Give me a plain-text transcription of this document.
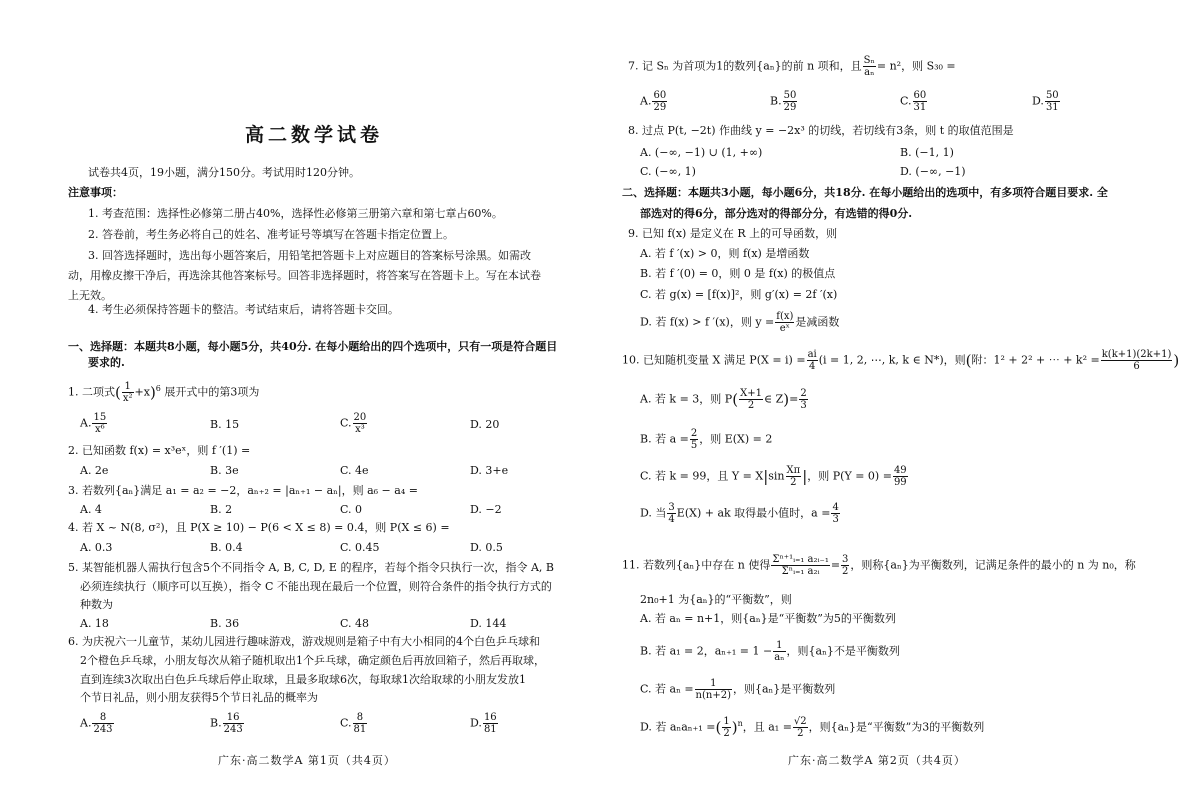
高二数学试卷
试卷共4页，19小题，满分150分。考试用时120分钟。
注意事项：
1. 考查范围：选择性必修第二册占40%，选择性必修第三册第六章和第七章占60%。
2. 答卷前，考生务必将自己的姓名、准考证号等填写在答题卡指定位置上。
3. 回答选择题时，选出每小题答案后，用铅笔把答题卡上对应题目的答案标号涂黑。如需改
动，用橡皮擦干净后，再选涂其他答案标号。回答非选择题时，将答案写在答题卡上。写在本试卷
上无效。
4. 考生必须保持答题卡的整洁。考试结束后，请将答题卡交回。
一、选择题：本题共8小题，每小题5分，共40分. 在每小题给出的四个选项中，只有一项是符合题目
要求的.
1. 二项式( $\frac{1}{\text{x²}} +x)^6$ 展开式中的第3项为
A. $\frac{15}{\text{x⁶}}$	B. 15	C. $\frac{20}{\text{x³}}$	D. 20
2. 已知函数 f(x) = x³eˣ，则 f ′(1) =
A. 2e	B. 3e	C. 4e	D. 3+e
3. 若数列{aₙ}满足 a₁ = a₂ = −2，aₙ₊₂ = |aₙ₊₁ − aₙ|，则 a₆ − a₄ =
A. 4	B. 2	C. 0	D. −2
4. 若 X ~ N(8, σ²)，且 P(X ≥ 10) − P(6 < X ≤ 8) = 0.4，则 P(X ≤ 6) =
A. 0.3	B. 0.4	C. 0.45	D. 0.5
5. 某智能机器人需执行包含5个不同指令 A, B, C, D, E 的程序，若每个指令只执行一次，指令 A, B
必须连续执行（顺序可以互换），指令 C 不能出现在最后一个位置，则符合条件的指令执行方式的
种数为
A. 18	B. 36	C. 48	D. 144
6. 为庆祝六一儿童节，某幼儿园进行趣味游戏，游戏规则是箱子中有大小相同的4个白色乒乓球和
2个橙色乒乓球，小朋友每次从箱子随机取出1个乒乓球，确定颜色后再放回箱子，然后再取球，
直到连续3次取出白色乒乓球后停止取球，且最多取球6次，每取球1次给取球的小朋友发放1
个节日礼品，则小朋友获得5个节日礼品的概率为
A. $\frac{8}{243}$	B. $\frac{16}{243}$	C. $\frac{8}{81}$	D. $\frac{16}{81}$
广东·高二数学A 第1页（共4页）
7. 记 Sₙ 为首项为1的数列{aₙ}的前 n 项和，且 $\frac{\text{Sₙ}}{\text{aₙ}} = n^2$，则 S₃₀ =
A. $\frac{60}{29}$	B. $\frac{50}{29}$	C. $\frac{60}{31}$	D. $\frac{50}{31}$
8. 过点 P(t, −2t) 作曲线 y = −2x³ 的切线，若切线有3条，则 t 的取值范围是
A. (−∞, −1) ∪ (1, +∞)	B. (−1, 1)
C. (−∞, 1)	D. (−∞, −1)
二、选择题：本题共3小题，每小题6分，共18分. 在每小题给出的选项中，有多项符合题目要求. 全
部选对的得6分，部分选对的得部分分，有选错的得0分.
9. 已知 f(x) 是定义在 R 上的可导函数，则
A. 若 f ′(x) > 0，则 f(x) 是增函数
B. 若 f ′(0) = 0，则 0 是 f(x) 的极值点
C. 若 g(x) = [f(x)]²，则 g′(x) = 2f ′(x)
D. 若 f(x) > f ′(x)，则 $y = \frac{f(x)}{\text{eˣ}}$ 是减函数
10. 已知随机变量 X 满足 $P(X = i) = \frac{ai}{4} (i = 1$, 2, ⋯, k, k ∈ N*)，则(附：1² + 2² + ⋯ + $k^2 = \frac{k(k+1)(2k+1)}{6}$ )
A. 若 k = 3，则 $P( \frac{X+1}{2}$ ∈ $Z)= \frac{2}{3}$
B. 若 $a = \frac{2}{5}$ ，则 E(X) = 2
C. 若 k = 99，且 $Y = X|\sin \frac{X\pi}{2}$ |，则 $P(Y = 0) = \frac{49}{99}$
D. 当 $\frac{3}{4} E(X)$ + ak 取得最小值时，$a = \frac{4}{3}$
11. 若数列{aₙ}中存在 n 使得 $\frac{\text{Σⁿ⁺¹ᵢ₌₁ a₂ᵢ₋₁}}{\text{Σⁿᵢ₌₁ a₂ᵢ}} = \frac{3}{2}$ ，则称{aₙ}为平衡数列，记满足条件的最小的 n 为 n₀，称
2n₀+1 为{aₙ}的“平衡数”，则
A. 若 aₙ = n+1，则{aₙ}是“平衡数”为5的平衡数列
B. 若 a₁ = 2，$a_{n+1} = 1 - \frac{1}{\text{aₙ}}$ ，则{aₙ}不是平衡数列
C. 若 $a_n = \frac{1}{n(n+2)}$ ，则{aₙ}是平衡数列
D. 若 aₙaₙ₊₁ =( $\frac{1}{2} )^n$，且 $a_1 = \frac{√2}{2}$ ，则{aₙ}是“平衡数”为3的平衡数列
广东·高二数学A 第2页（共4页）
